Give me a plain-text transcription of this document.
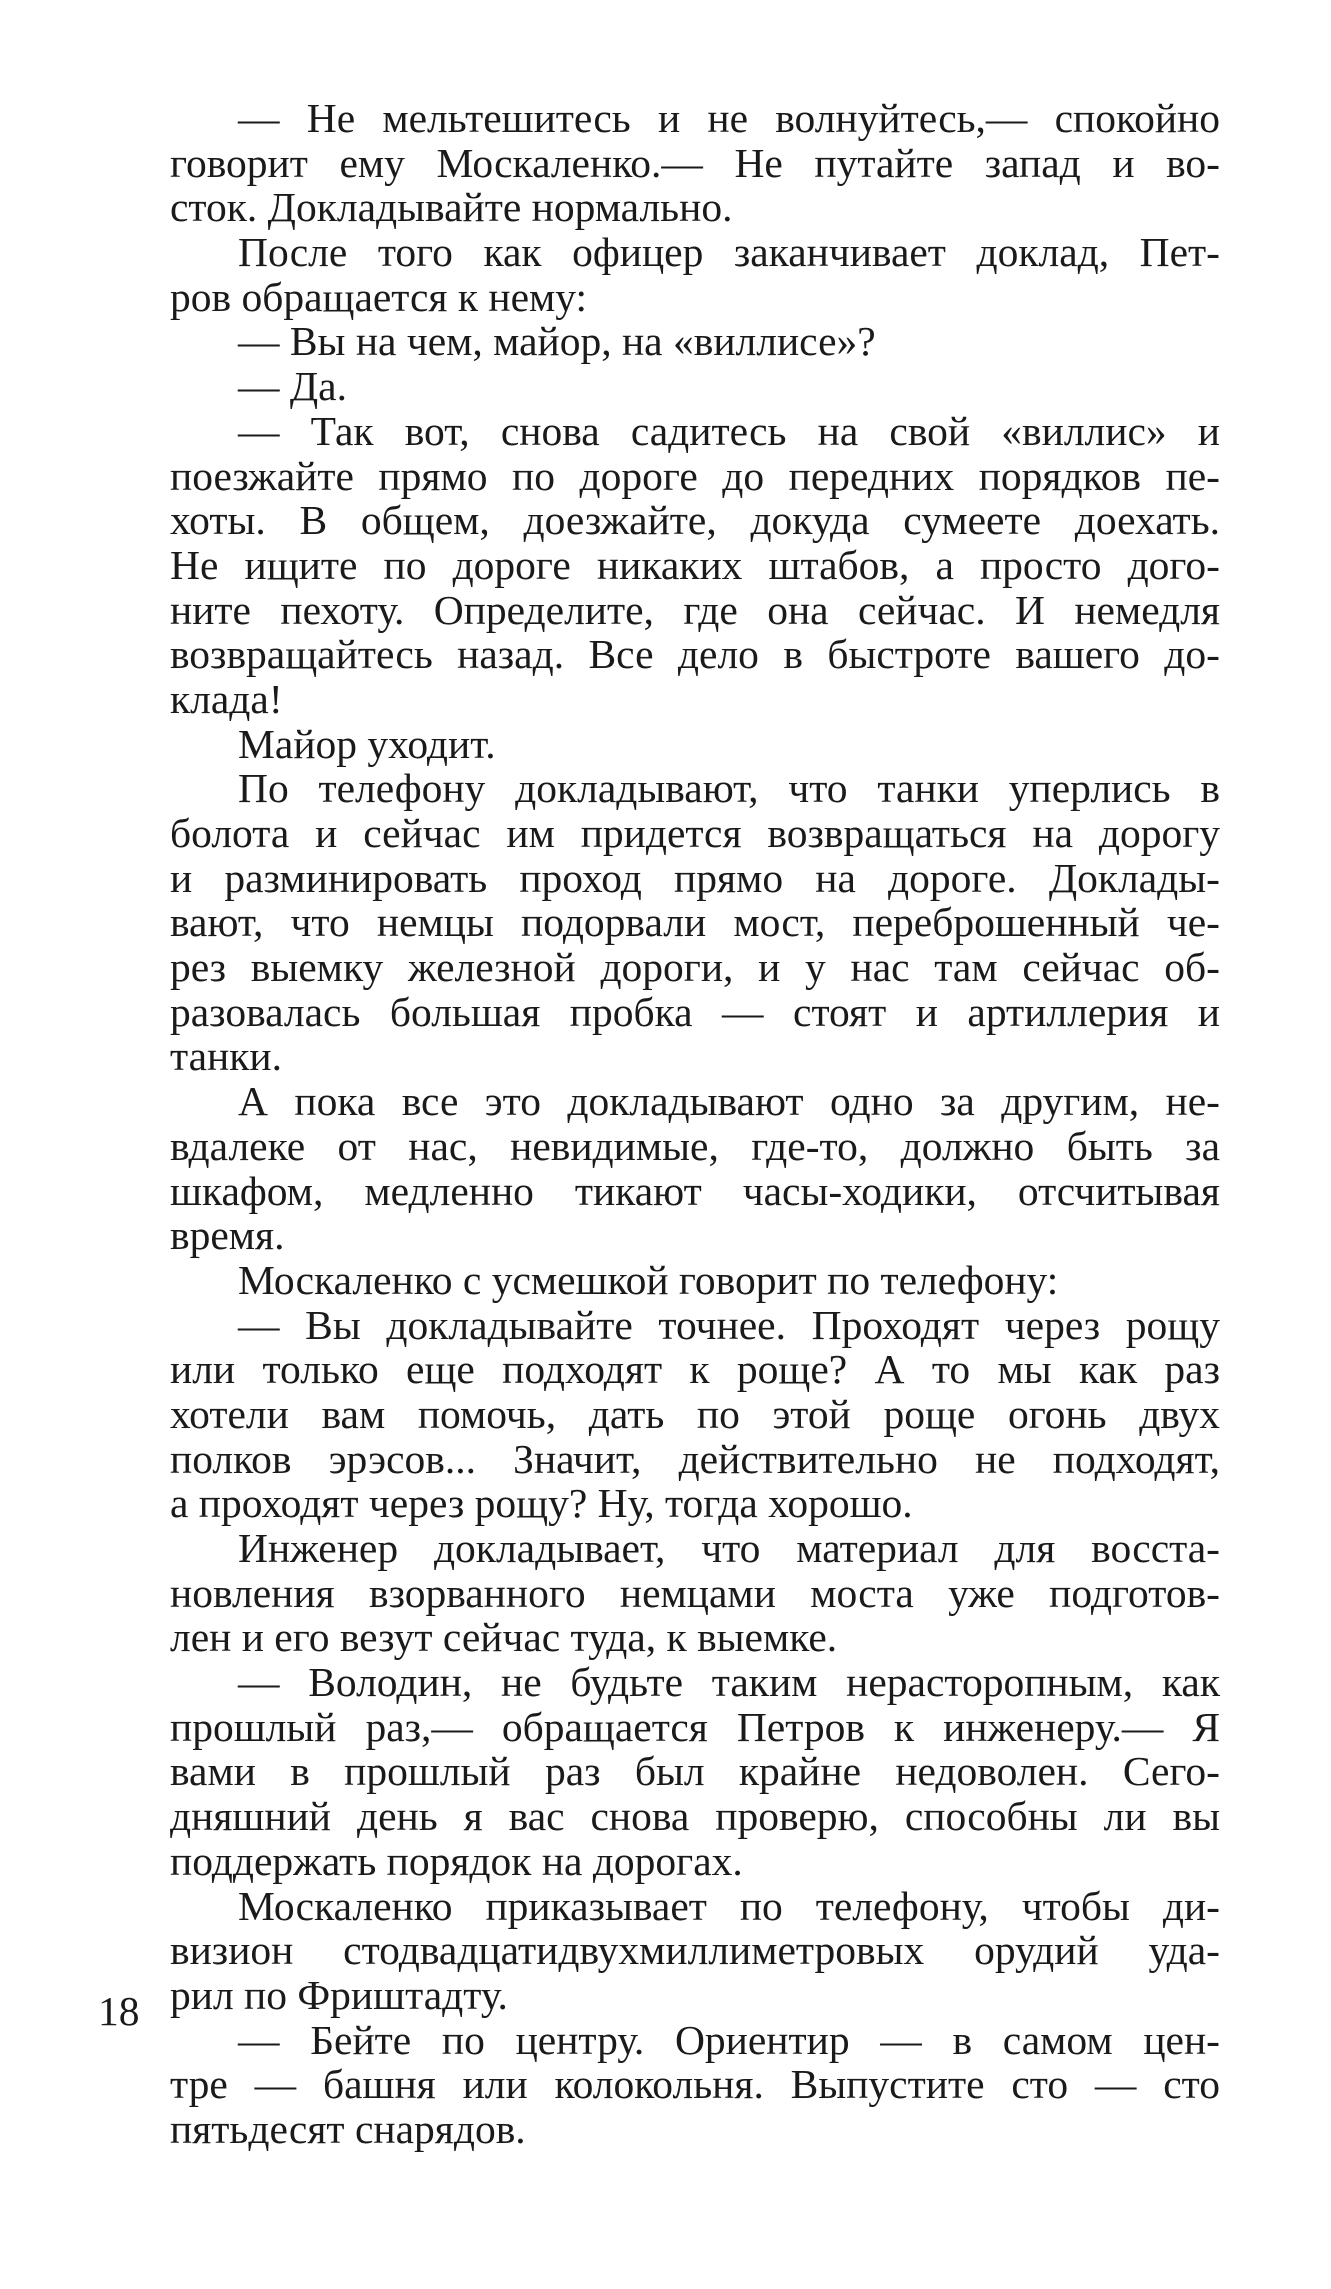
— Не мельтешитесь и не волнуйтесь,— спокойно
говорит ему Москаленко.— Не путайте запад и во-
сток. Докладывайте нормально.
После того как офицер заканчивает доклад, Пет-
ров обращается к нему:
— Вы на чем, майор, на «виллисе»?
— Да.
— Так вот, снова садитесь на свой «виллис» и
поезжайте прямо по дороге до передних порядков пе-
хоты. В общем, доезжайте, докуда сумеете доехать.
Не ищите по дороге никаких штабов, а просто дого-
ните пехоту. Определите, где она сейчас. И немедля
возвращайтесь назад. Все дело в быстроте вашего до-
клада!
Майор уходит.
По телефону докладывают, что танки уперлись в
болота и сейчас им придется возвращаться на дорогу
и разминировать проход прямо на дороге. Доклады-
вают, что немцы подорвали мост, переброшенный че-
рез выемку железной дороги, и у нас там сейчас об-
разовалась большая пробка — стоят и артиллерия и
танки.
А пока все это докладывают одно за другим, не-
вдалеке от нас, невидимые, где-то, должно быть за
шкафом, медленно тикают часы-ходики, отсчитывая
время.
Москаленко с усмешкой говорит по телефону:
— Вы докладывайте точнее. Проходят через рощу
или только еще подходят к роще? А то мы как раз
хотели вам помочь, дать по этой роще огонь двух
полков эрэсов... Значит, действительно не подходят,
а проходят через рощу? Ну, тогда хорошо.
Инженер докладывает, что материал для восста-
новления взорванного немцами моста уже подготов-
лен и его везут сейчас туда, к выемке.
— Володин, не будьте таким нерасторопным, как
прошлый раз,— обращается Петров к инженеру.— Я
вами в прошлый раз был крайне недоволен. Сего-
дняшний день я вас снова проверю, способны ли вы
поддержать порядок на дорогах.
Москаленко приказывает по телефону, чтобы ди-
визион стодвадцатидвухмиллиметровых орудий уда-
рил по Фриштадту.
— Бейте по центру. Ориентир — в самом цен-
тре — башня или колокольня. Выпустите сто — сто
пятьдесят снарядов.
18
